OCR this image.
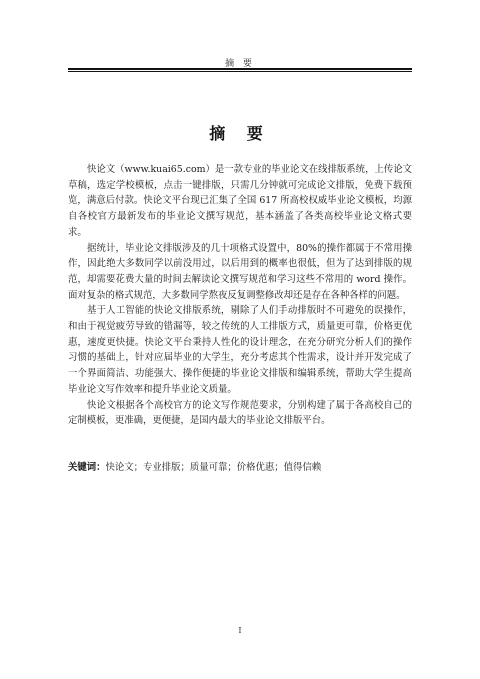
摘 要
摘 要

快论文（www.kuai65.com）是一款专业的毕业论文在线排版系统，上传论文草稿，选定学校模板，点击一键排版，只需几分钟就可完成论文排版，免费下载预览，满意后付款。快论文平台现已汇集了全国 617 所高校权威毕业论文模板，均源自各校官方最新发布的毕业论文撰写规范，基本涵盖了各类高校毕业论文格式要求。

据统计，毕业论文排版涉及的几十项格式设置中，80%的操作都属于不常用操作，因此绝大多数同学以前没用过，以后用到的概率也很低，但为了达到排版的规范，却需要花费大量的时间去解读论文撰写规范和学习这些不常用的 word 操作。面对复杂的格式规范，大多数同学熬夜反复调整修改却还是存在各种各样的问题。

基于人工智能的快论文排版系统，剔除了人们手动排版时不可避免的误操作，和由于视觉疲劳导致的错漏等，较之传统的人工排版方式，质量更可靠，价格更优惠，速度更快捷。快论文平台秉持人性化的设计理念，在充分研究分析人们的操作习惯的基础上，针对应届毕业的大学生，充分考虑其个性需求，设计并开发完成了一个界面简洁、功能强大、操作便捷的毕业论文排版和编辑系统，帮助大学生提高毕业论文写作效率和提升毕业论文质量。

快论文根据各个高校官方的论文写作规范要求，分别构建了属于各高校自己的定制模板，更准确，更便捷，是国内最大的毕业论文排版平台。

关键词：快论文；专业排版；质量可靠；价格优惠；值得信赖
I
